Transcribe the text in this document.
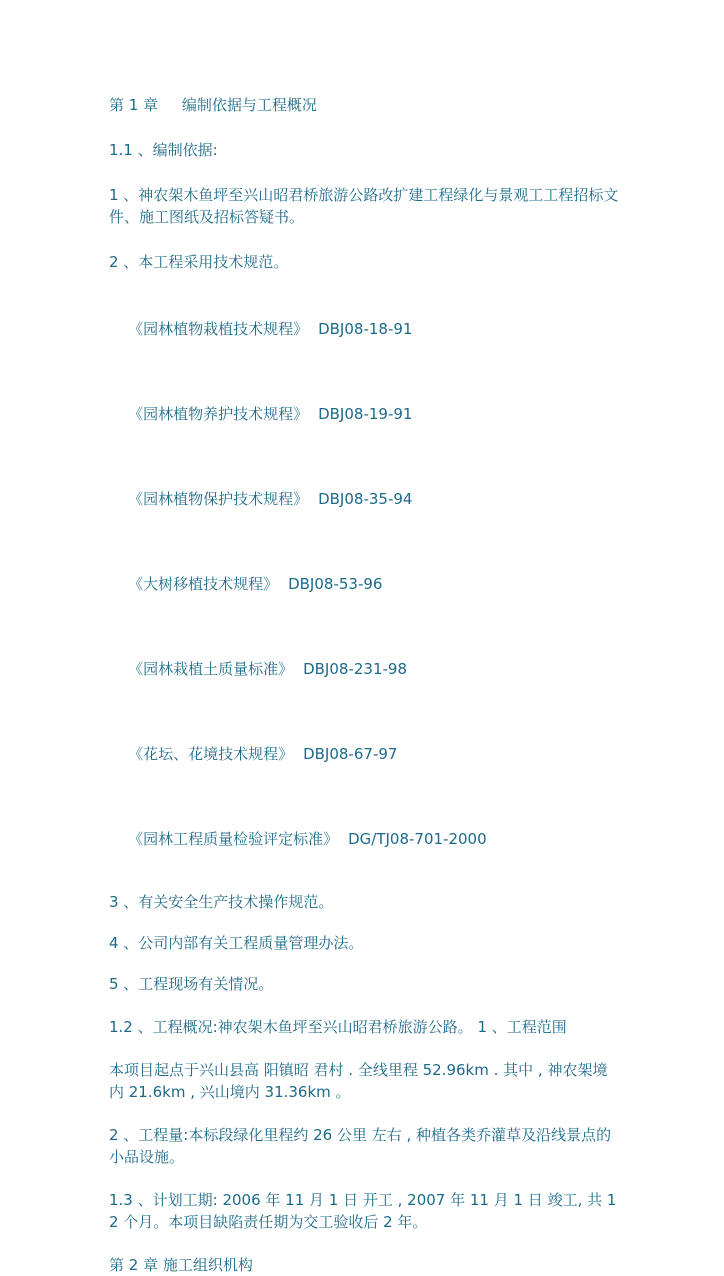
第 1 章     编制依据与工程概况

1.1 、编制依据:

1 、神农架木鱼坪至兴山昭君桥旅游公路改扩建工程绿化与景观工工程招标文件、施工图纸及招标答疑书。

2 、本工程采用技术规范。

《园林植物栽植技术规程》 DBJ08-18-91

《园林植物养护技术规程》 DBJ08-19-91

《园林植物保护技术规程》 DBJ08-35-94

《大树移植技术规程》 DBJ08-53-96

《园林栽植土质量标准》 DBJ08-231-98

《花坛、花境技术规程》 DBJ08-67-97

《园林工程质量检验评定标准》 DG/TJ08-701-2000

3 、有关安全生产技术操作规范。

4 、公司内部有关工程质量管理办法。

5 、工程现场有关情况。

1.2 、工程概况:神农架木鱼坪至兴山昭君桥旅游公路。 1 、工程范围

本项目起点于兴山县高 阳镇昭 君村 . 全线里程 52.96km . 其中 , 神农架境内 21.6km , 兴山境内 31.36km 。

2 、工程量:本标段绿化里程约 26 公里 左右 , 种植各类乔灌草及沿线景点的小品设施。

1.3 、计划工期: 2006 年 11 月 1 日 开工 , 2007 年 11 月 1 日 竣工, 共 12 个月。本项目缺陷责任期为交工验收后 2 年。

第 2 章 施工组织机构
